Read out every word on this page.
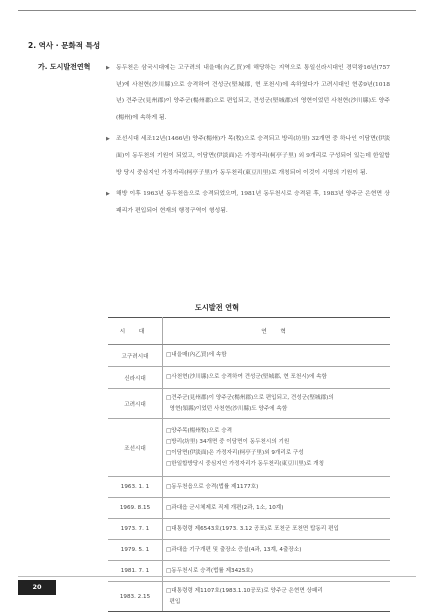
2. 역사 · 문화적 특성
가. 도시발전연혁	▶ 동두천은 삼국시대에는 고구려의 내을매(內乙買)에 해당하는 지역으로 통일신라시대인 경덕왕16년(757년)에 사천현(沙川縣)으로 승격하여 견성군(堅城郡, 현 포천시)에 속하였다가 고려시대인 현종9년(1018년) 견주군(見州郡)이 양주군(楊州郡)으로 편입되고, 견성군(堅城郡)의 영현이었던 사천현(沙川縣)도 양주(楊州)에 속하게 됨.
▶ 조선시대 세조12년(1466년) 양주(楊州)가 목(牧)으로 승격되고 방리(坊里) 32개면 중 하나인 이담면(伊淡面)이 동두천의 기원이 되었고, 이담면(伊淡面)은 가정자리(柯亭子里) 외 9개리로 구성되어 있는데 한일합방 당시 중심지인 가정자리(柯亭子里)가 동두천리(東豆川里)로 개칭되어 이것이 시명의 기원이 됨.
▶ 해방 이후 1963년 동두천읍으로 승격되었으며, 1981년 동두천시로 승격된 후, 1983년 양주군 은현면 상패리가 편입되어 현재의 행정구역이 형성됨.
도시발전 연혁
시 대	연 혁
고구려시대	□내을매(內乙買)에 속함

신라시대	□사천현(沙川縣)으로 승격하여 견성군(堅城郡, 현 포천시)에 속함

고려시대	□견주군(見州郡)이 양주군(楊州郡)으로 편입되고, 견성군(堅城郡)의
영현(領縣)이었던 사천현(沙川縣)도 양주에 속함

조선시대	□양주목(楊州牧)으로 승격
□방리(坊里) 34개면 중 이담면이 동두천시의 기원
□이담면(伊淡面)은 가정자리(柯亭子里)외 9개리로 구성
□한일합방당시 중심지인 가정자리가 동두천리(東豆川里)로 개칭

1963. 1. 1	□동두천읍으로 승격(법률 제1177호)

1969. 8.15	□과대읍 군시체제로 직제 개편(2과, 1소, 10계)

1973. 7. 1	□대통령령 제6543호(1973. 3.12 공포)로 포천군 포천면 탑동리 편입

1979. 5. 1	□과대읍 기구개편 및 출장소 증설(4과, 13계, 4출장소)

1981. 7. 1	□동두천시로 승격(법률 제3425호)

1983. 2.15	□대통령령 제1107호(1983.1.10공포)로 양주군 은현면 상패리
편입
20
